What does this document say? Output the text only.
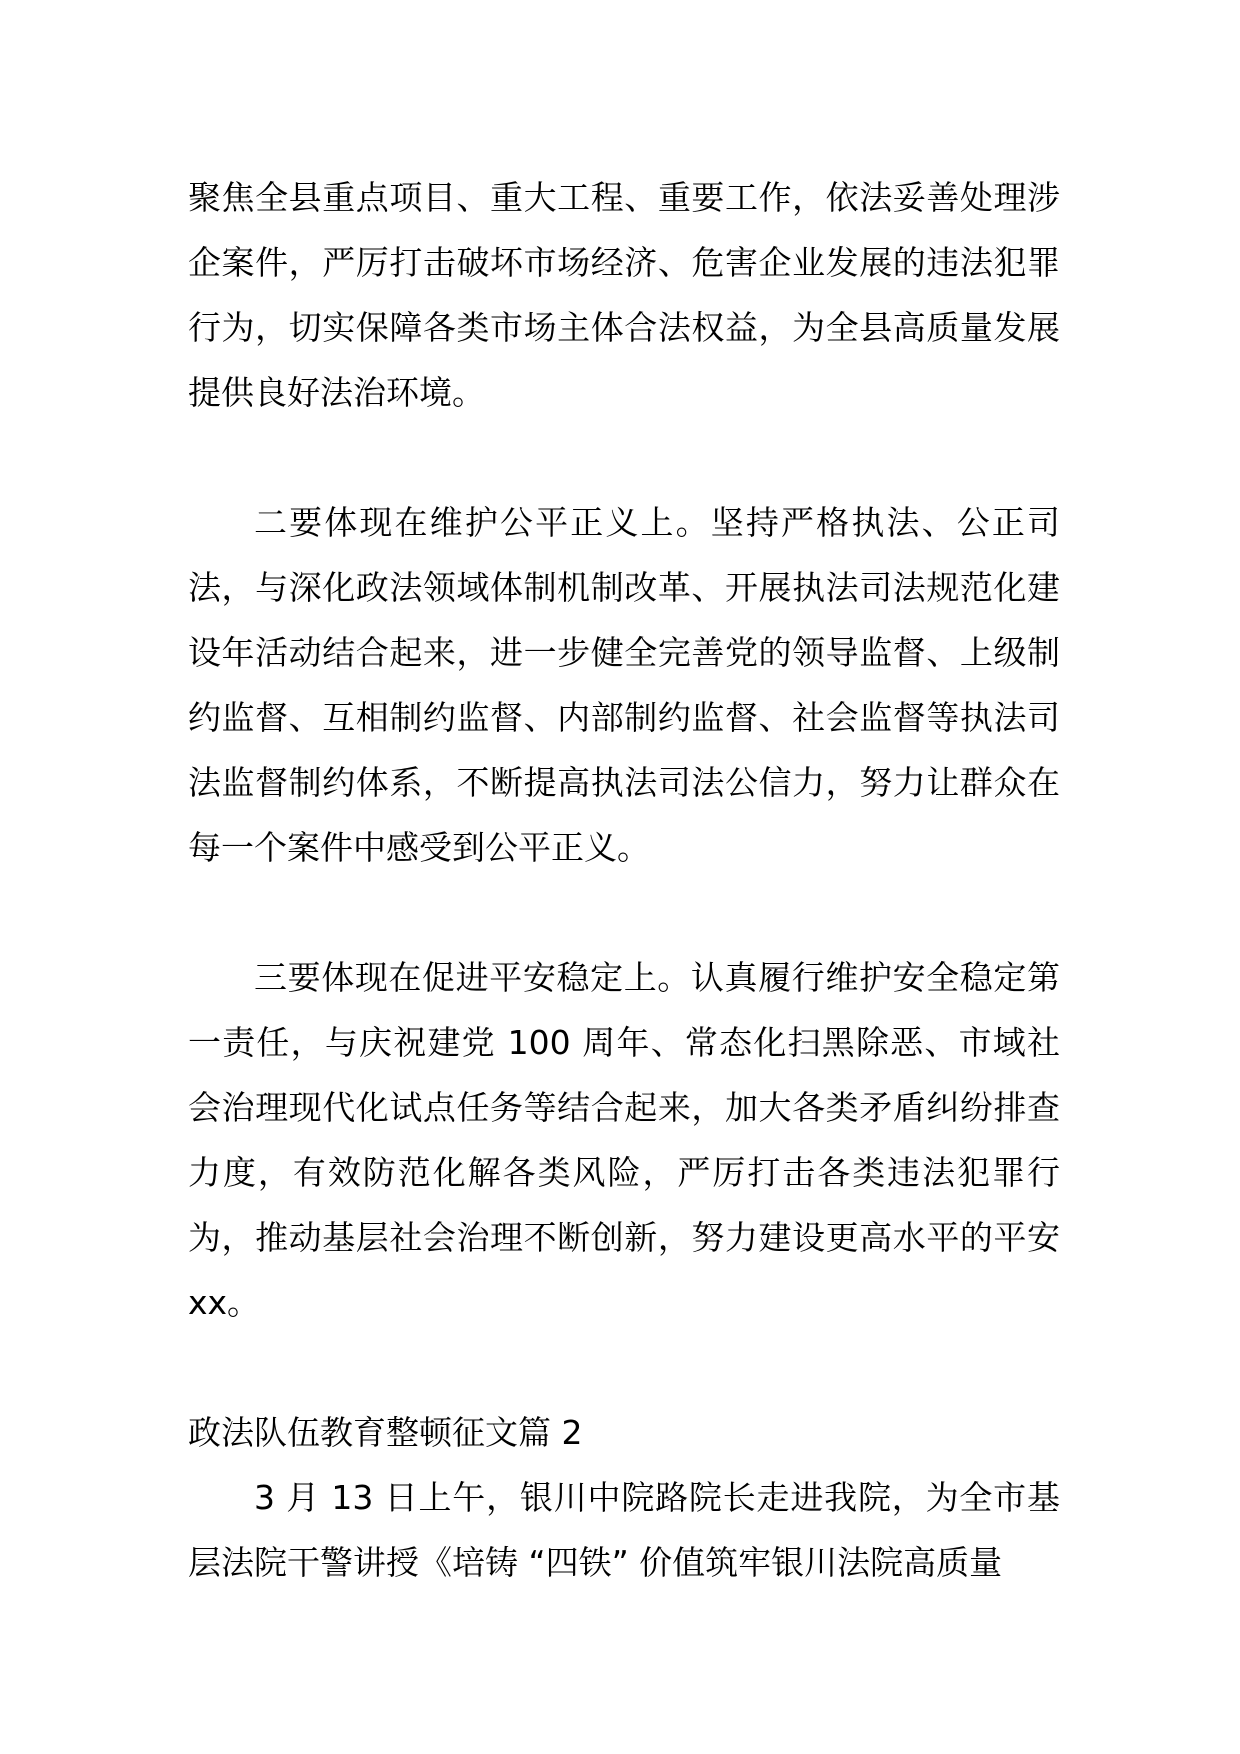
聚焦全县重点项目、重大工程、重要工作，依法妥善处理涉企案件，严厉打击破坏市场经济、危害企业发展的违法犯罪行为，切实保障各类市场主体合法权益，为全县高质量发展提供良好法治环境。

二要体现在维护公平正义上。坚持严格执法、公正司法，与深化政法领域体制机制改革、开展执法司法规范化建设年活动结合起来，进一步健全完善党的领导监督、上级制约监督、互相制约监督、内部制约监督、社会监督等执法司法监督制约体系，不断提高执法司法公信力，努力让群众在每一个案件中感受到公平正义。

三要体现在促进平安稳定上。认真履行维护安全稳定第一责任，与庆祝建党 100 周年、常态化扫黑除恶、市域社会治理现代化试点任务等结合起来，加大各类矛盾纠纷排查力度，有效防范化解各类风险，严厉打击各类违法犯罪行为，推动基层社会治理不断创新，努力建设更高水平的平安 xx。

政法队伍教育整顿征文篇 2

3 月 13 日上午，银川中院路院长走进我院，为全市基层法院干警讲授《培铸 “四铁” 价值筑牢银川法院高质量
